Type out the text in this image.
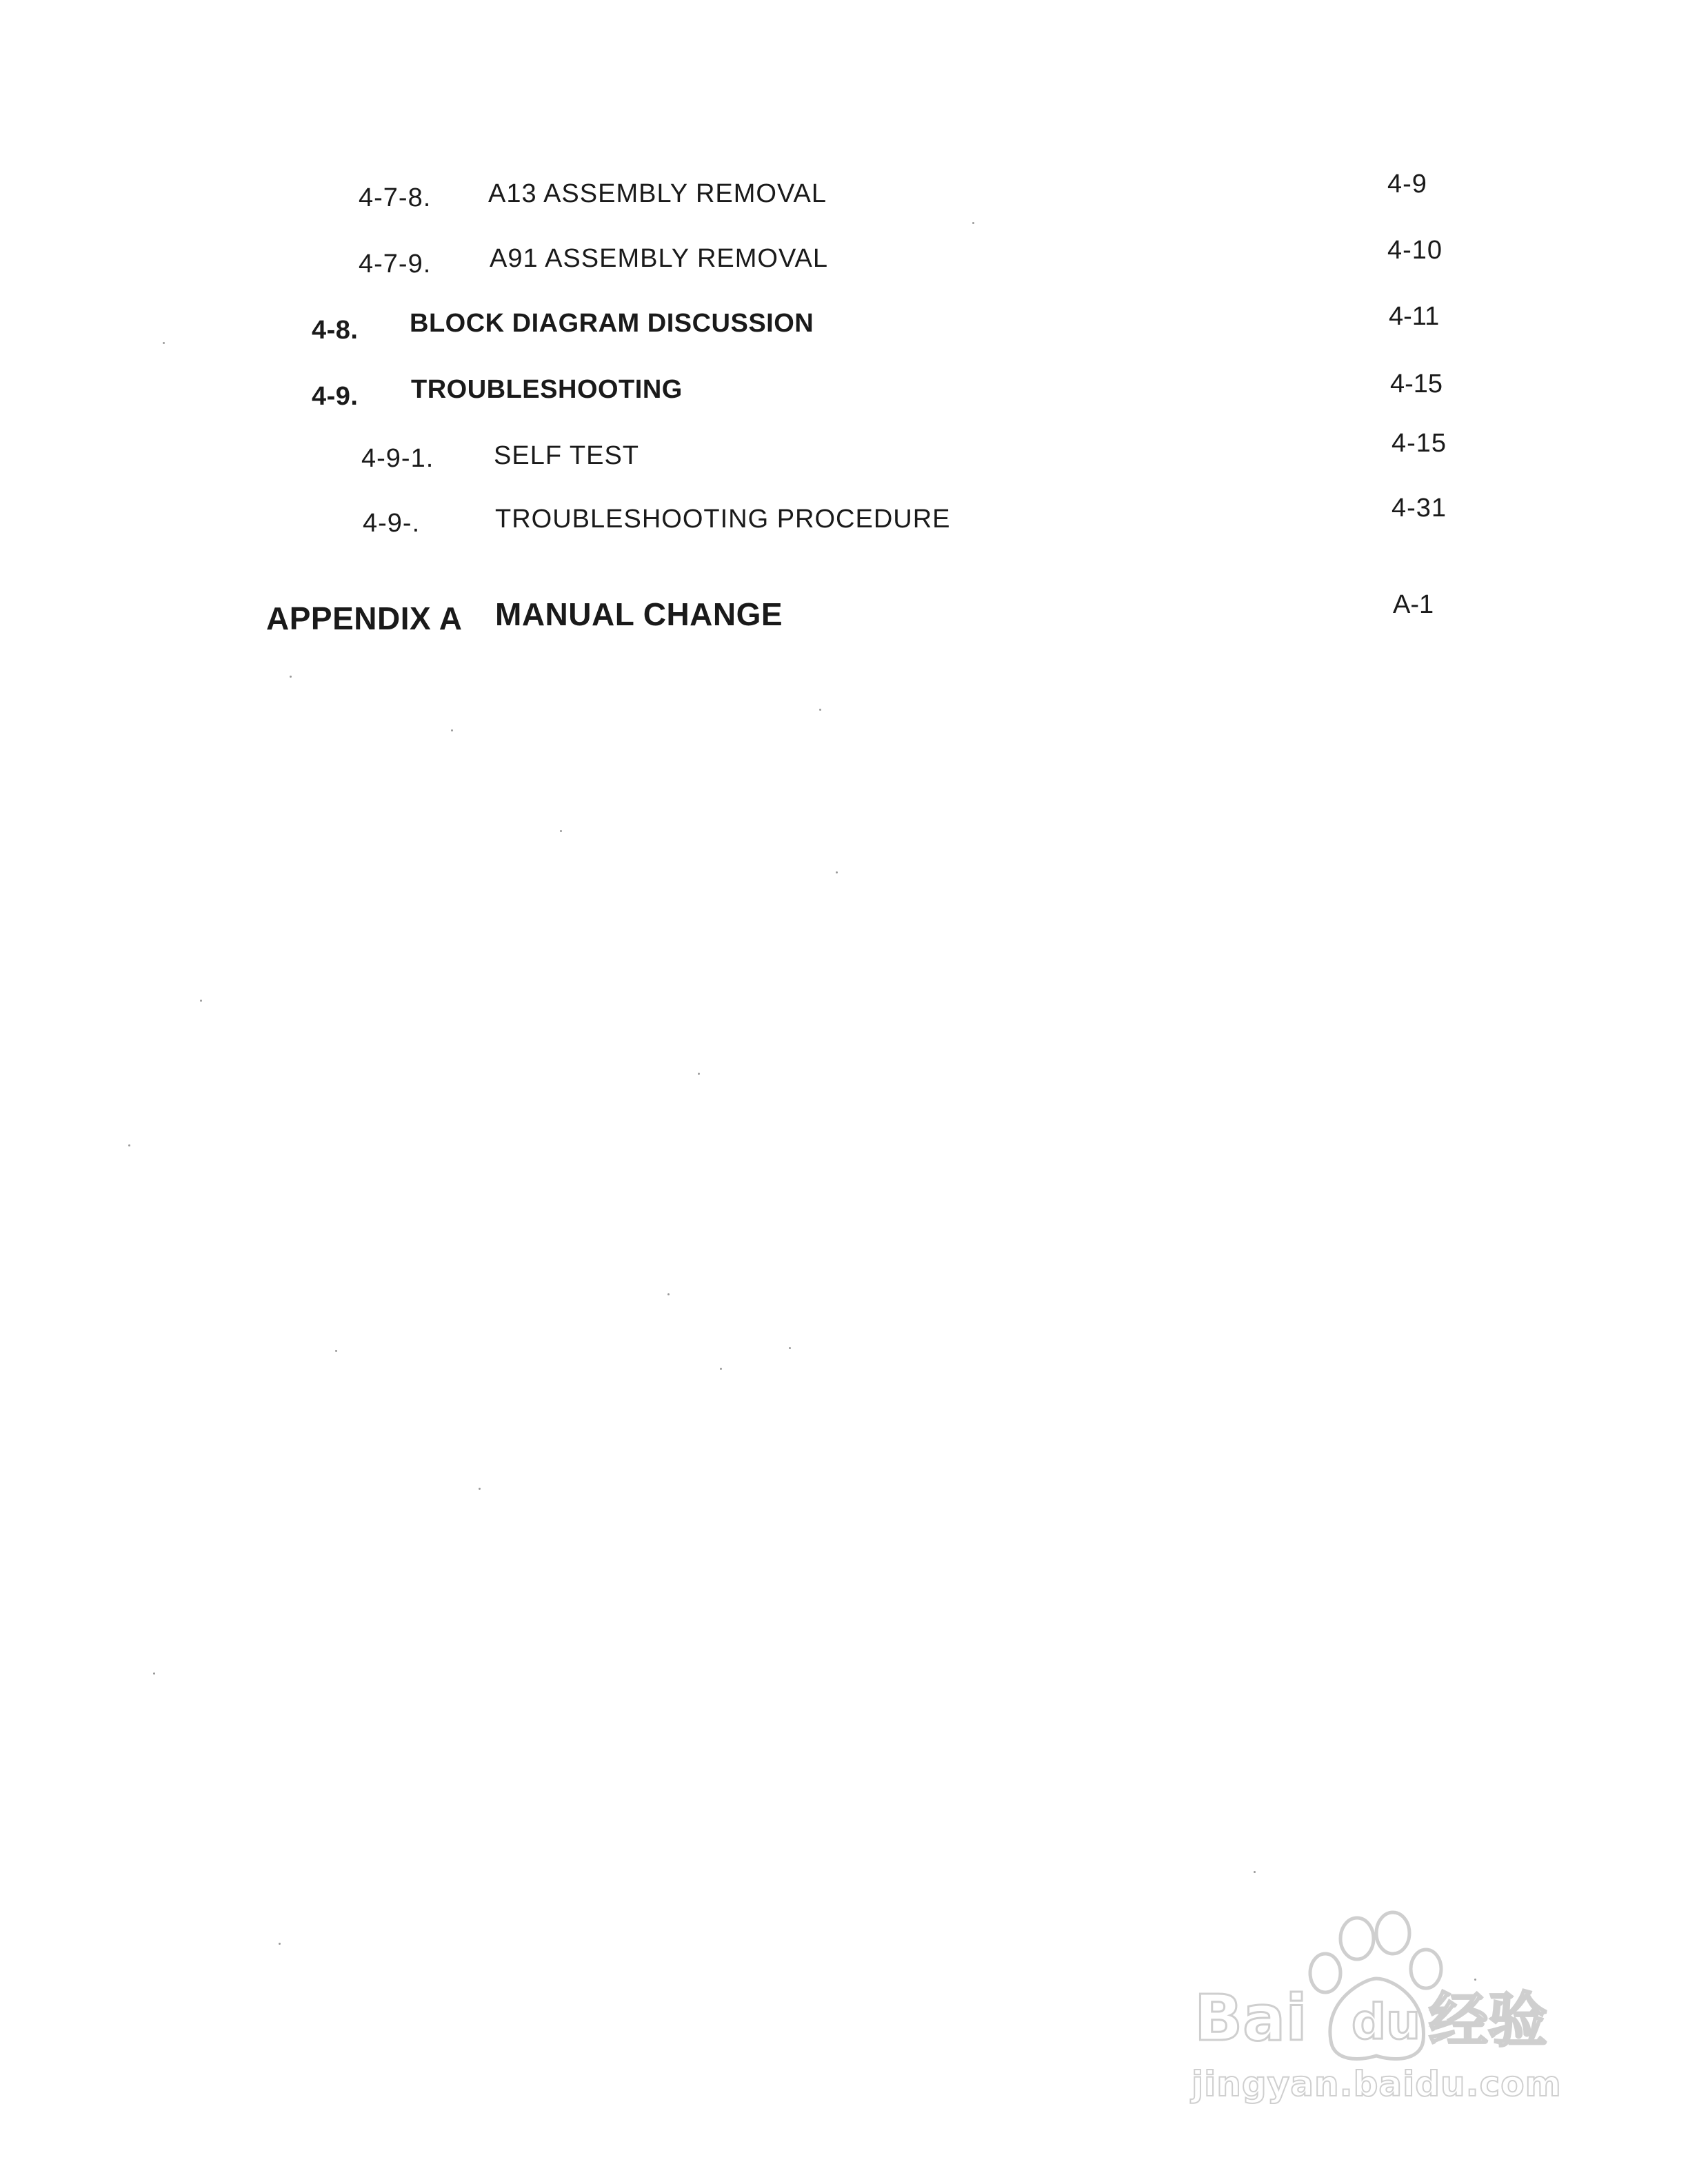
4-7-8. A13 ASSEMBLY REMOVAL	4-9
4-7-9. A91 ASSEMBLY REMOVAL	4-10
4-8. BLOCK DIAGRAM DISCUSSION	4-11
4-9. TROUBLESHOOTING	4-15
4-9-1. SELF TEST	4-15
4-9-.	TROUBLESHOOTING PROCEDURE	4-31
APPENDIX A MANUAL CHANGE	A-1
Bai du 经验
jingyan.baidu.com
